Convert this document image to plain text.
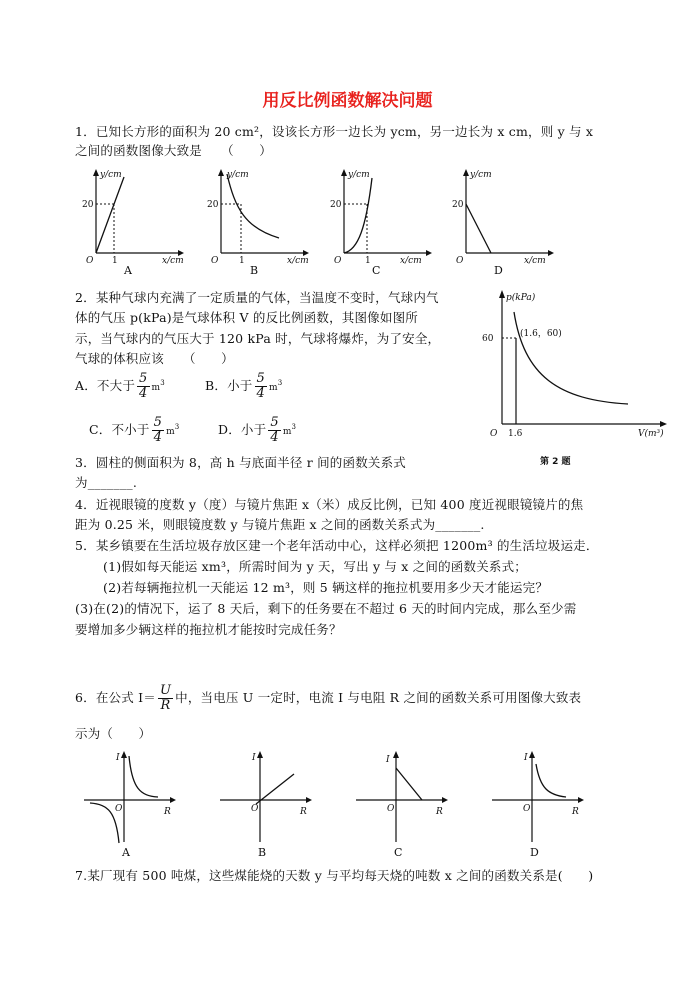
用反比例函数解决问题
1．已知长方形的面积为 20 cm²，设该长方形一边长为 ycm，另一边长为 x cm，则 y 与 x
之间的函数图像大致是　　（　　）
y/cm
20
O 1	x/cm
A
y/cm
20
O 1	x/cm
B
y/cm
20
O	1	x/cm
C
y/cm
20
O	x/cm
D
2．某种气球内充满了一定质量的气体，当温度不变时，气球内气
体的气压 p(kPa)是气球体积 V 的反比例函数，其图像如图所
示，当气球内的气压大于 120 kPa 时，气球将爆炸，为了安全，
气球的体积应该　　（　　）
A．不大于 $\frac{5}{4} m^3$	B．小于 $\frac{5}{4} m^3$
C．不小于 $\frac{5}{4} m^3$	D．小于 $\frac{5}{4} m^3$
p(kPa)
60	(1.6，60)
O 1.6	V(m³)
第 2 题
3．圆柱的侧面积为 8，高 h 与底面半径 r 间的函数关系式
为_______.
4．近视眼镜的度数 y（度）与镜片焦距 x（米）成反比例，已知 400 度近视眼镜镜片的焦
距为 0.25 米，则眼镜度数 y 与镜片焦距 x 之间的函数关系式为_______.
5．某乡镇要在生活垃圾存放区建一个老年活动中心，这样必须把 1200m³ 的生活垃圾运走．
(1)假如每天能运 xm³，所需时间为 y 天，写出 y 与 x 之间的函数关系式；
(2)若每辆拖拉机一天能运 12 m³，则 5 辆这样的拖拉机要用多少天才能运完？
(3)在(2)的情况下，运了 8 天后，剩下的任务要在不超过 6 天的时间内完成，那么至少需
要增加多少辆这样的拖拉机才能按时完成任务？
6．在公式 $I= \frac{U}{R}$ 中，当电压 U 一定时，电流 I 与电阻 R 之间的函数关系可用图像大致表
示为（　　）
I
O	R
A
I
O	R
B
I
O	R
C
I
O	R
D
7.某厂现有 500 吨煤，这些煤能烧的天数 y 与平均每天烧的吨数 x 之间的函数关系是(　　)
